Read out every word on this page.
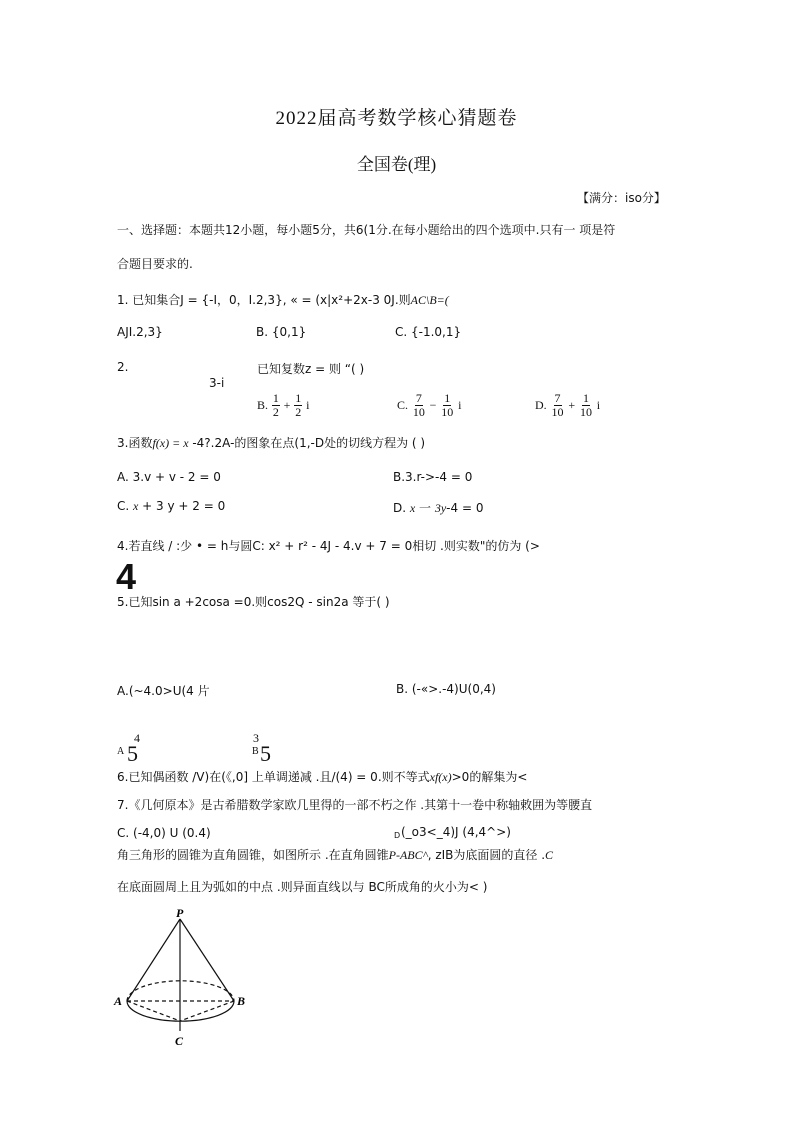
2022届高考数学核心猜题卷
全国卷(理)
【满分：iso分】
一、选择题：本题共12小题，每小题5分，共6(1分.在每小题给出的四个选项中.只有一 项是符
合题目要求的.
1. 已知集合J = {-I，0，I.2,3}, « = (x|x²+2x-3 0J.则AC\B=(
AJI.2,3}	B. {0,1}	C. {-1.0,1}
2.	已知复数z = 则 “( )
3-i
B. $\frac{1}{2} + \frac{1}{2}$ i	C. $\frac{7}{10} - \frac{1}{10}$ i	D. $\frac{7}{10} + \frac{1}{10}$ i
3.函数f(x) = x -4?.2A-的图象在点(1,-D处的切线方程为 ( )
A. 3.v + v - 2 = 0	B.3.r->-4 = 0
C. x + 3 y + 2 = 0	D. x 一 3y-4 = 0
4.若直线 / :少 • = h与圆C: x² + r² - 4J - 4.v + 7 = 0相切 .则实数"的仿为 (>
4
5.已知sin a +2cosa =0.则cos2Q - sin2a 等于( )
A.(~4.0>U(4 片	B. (-«>.-4)U(0,4)
A
4
5	B
3
5
6.已知偶函数 /V)在(《,0] 上单调递减 .且/(4) = 0.则不等式xf(x)>0的解集为<
7.《几何原本》是古希腊数学家欧几里得的一部不朽之作 .其第十一卷中称轴敕囲为等腰直
C. (-4,0) U (0.4)	D (_o3<_4)J (4,4^>)
角三角形的圆锥为直角圆锥，如图所示 .在直角圆锥P-ABC^, zIB为底面圆的直径 .C
在底面圆周上且为弧如的中点 .则异面直线以与 BC所成角的火小为< )
P
A	B
C
